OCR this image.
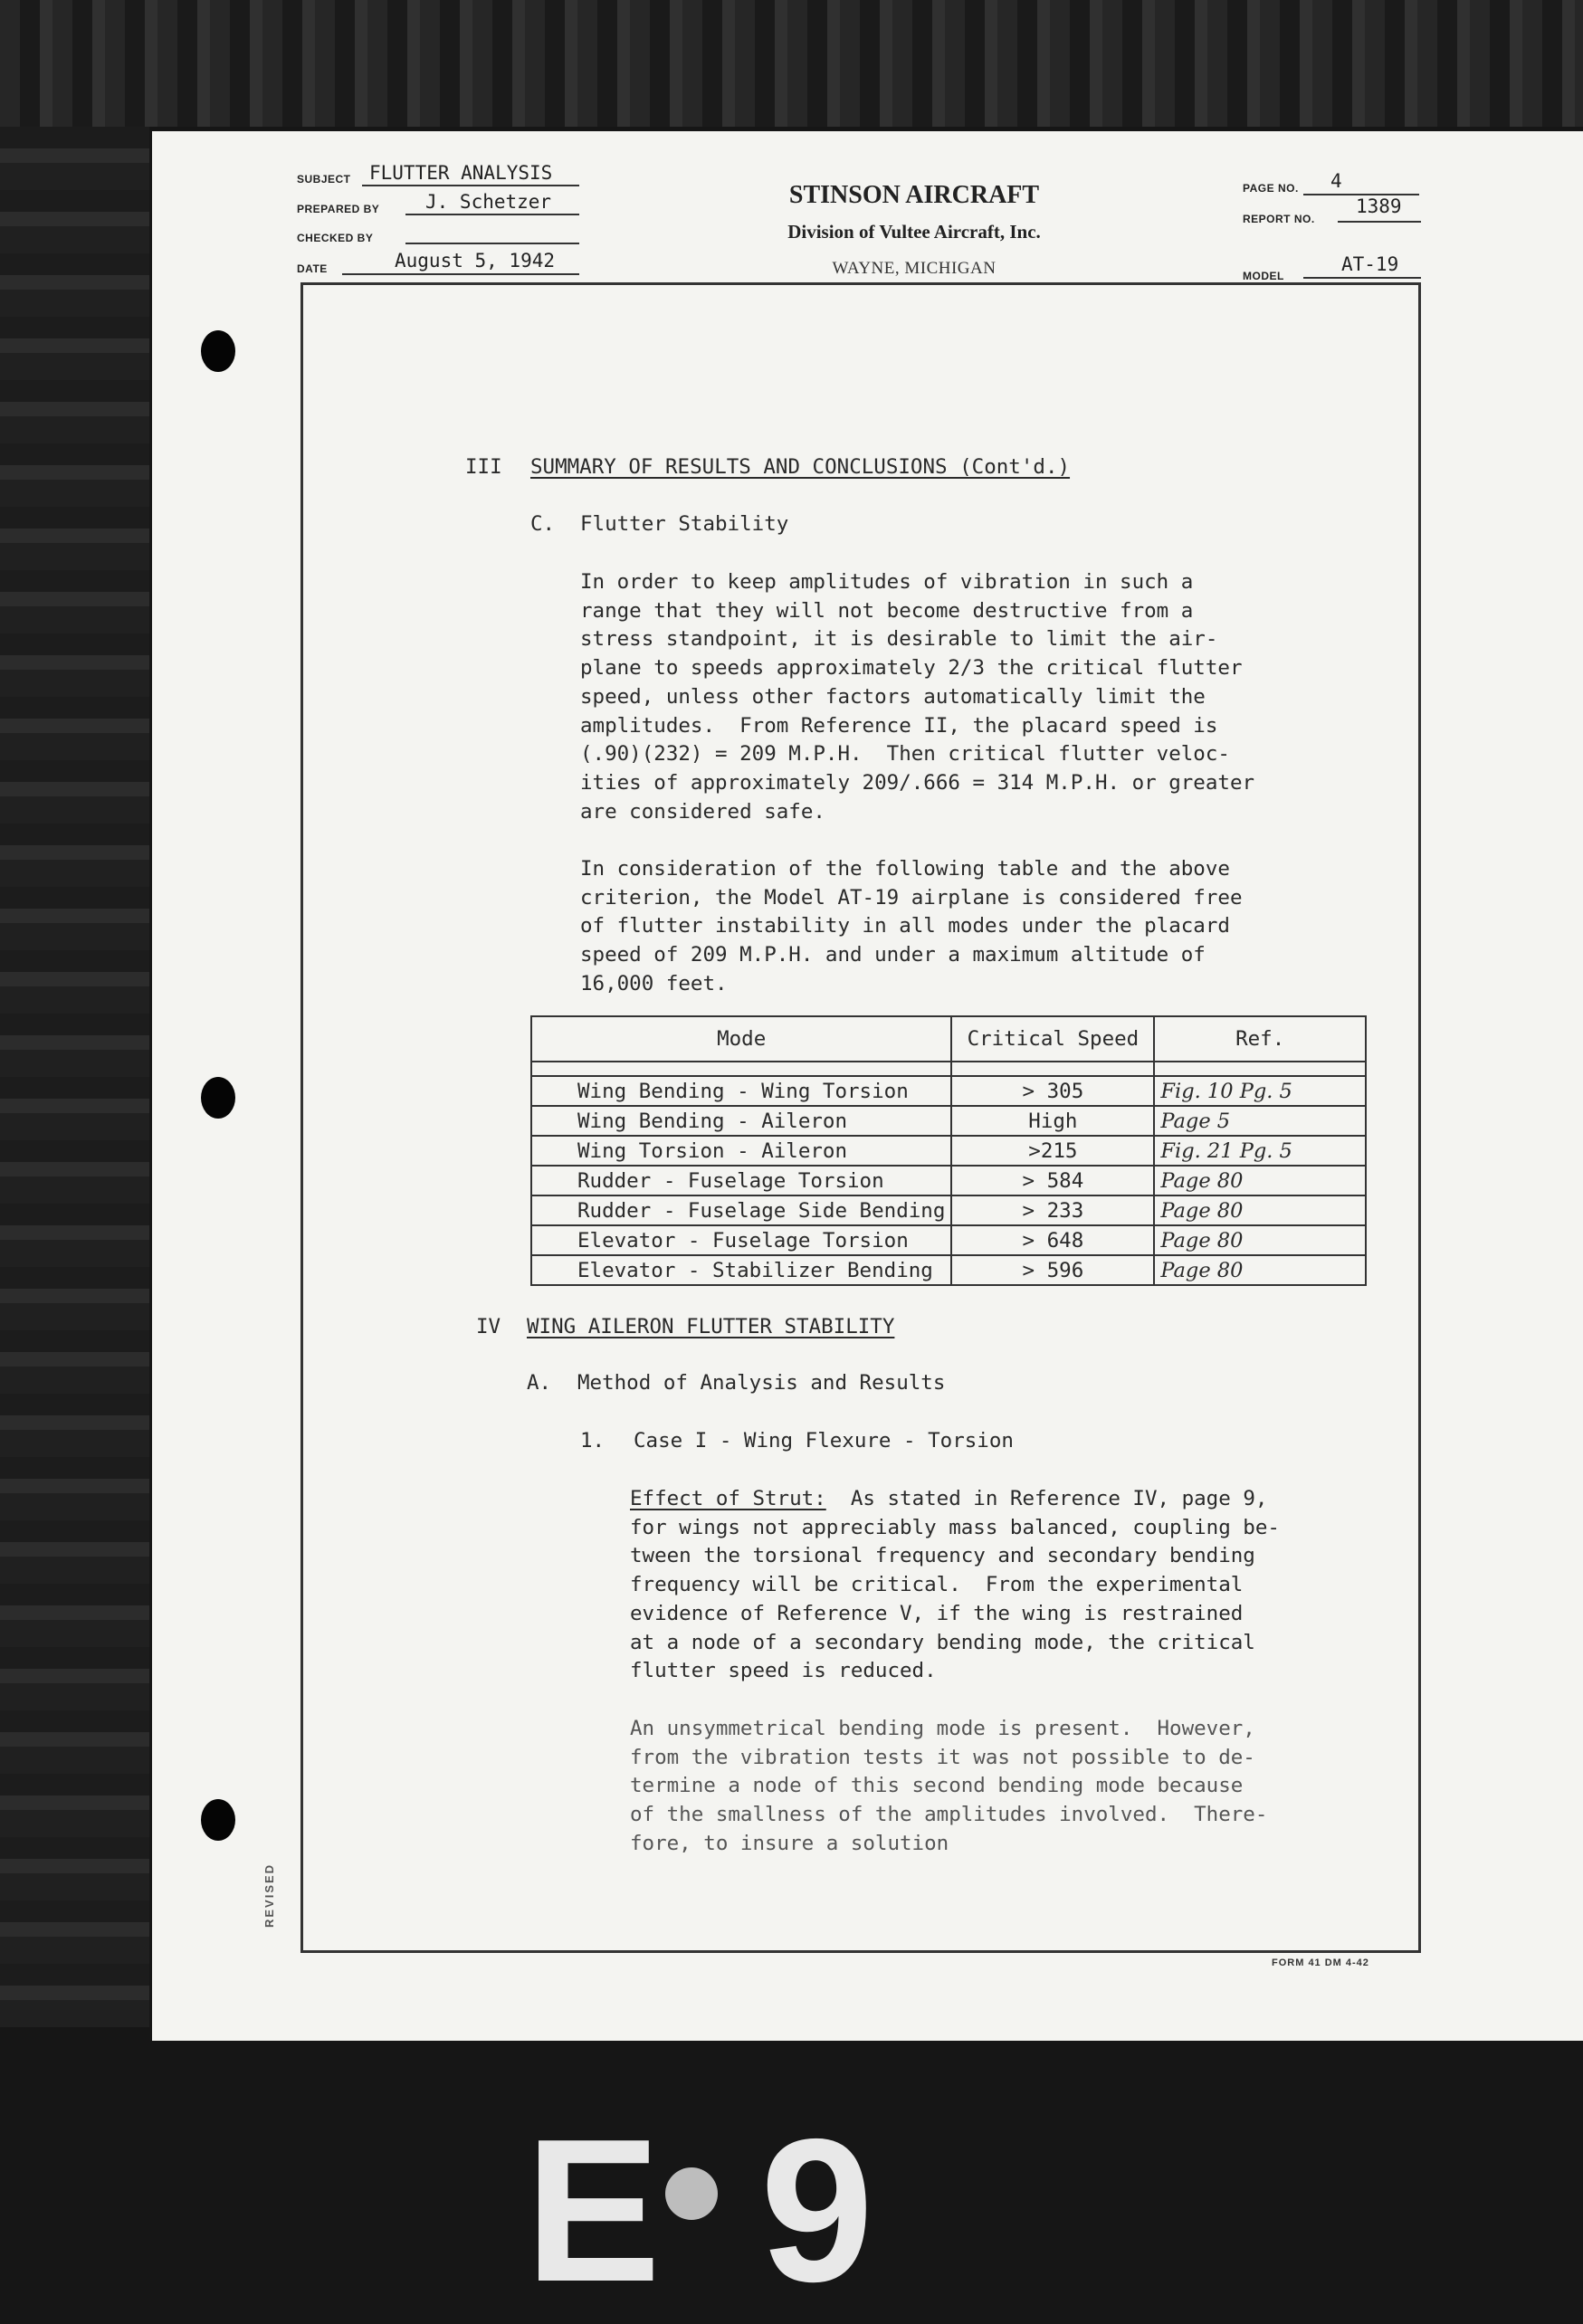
SUBJECT FLUTTER ANALYSIS
PREPARED BY J. Schetzer
CHECKED BY
DATE	August 5, 1942
STINSON AIRCRAFT
Division of Vultee Aircraft, Inc.
WAYNE, MICHIGAN
PAGE NO. 4
REPORT NO.
1389
MODEL
AT-19
III SUMMARY OF RESULTS AND CONCLUSIONS (Cont'd.)
C. Flutter Stability
In order to keep amplitudes of vibration in such a
range that they will not become destructive from a
stress standpoint, it is desirable to limit the air-
plane to speeds approximately 2/3 the critical flutter
speed, unless other factors automatically limit the
amplitudes.  From Reference II, the placard speed is
(.90)(232) = 209 M.P.H.  Then critical flutter veloc-
ities of approximately 209/.666 = 314 M.P.H. or greater
are considered safe.
In consideration of the following table and the above
criterion, the Model AT-19 airplane is considered free
of flutter instability in all modes under the placard
speed of 209 M.P.H. and under a maximum altitude of
16,000 feet.
Mode	Critical Speed	Ref.

Wing Bending - Wing Torsion	> 305	Fig. 10 Pg. 5
Wing Bending - Aileron	High	Page 5
Wing Torsion - Aileron	>215	Fig. 21 Pg. 5
Rudder - Fuselage Torsion	> 584	Page 80
Rudder - Fuselage Side Bending	> 233	Page 80
Elevator - Fuselage Torsion	> 648	Page 80
Elevator - Stabilizer Bending	> 596	Page 80
IV WING AILERON FLUTTER STABILITY
A. Method of Analysis and Results
1. Case I - Wing Flexure - Torsion
Effect of Strut: As stated in Reference IV, page 9,
for wings not appreciably mass balanced, coupling be-
tween the torsional frequency and secondary bending
frequency will be critical.  From the experimental
evidence of Reference V, if the wing is restrained
at a node of a secondary bending mode, the critical
flutter speed is reduced.
An unsymmetrical bending mode is present.  However,
from the vibration tests it was not possible to de-
termine a node of this second bending mode because
of the smallness of the amplitudes involved.  There-
fore, to insure a solution
REVISED
FORM 41 DM 4-42
E 9
